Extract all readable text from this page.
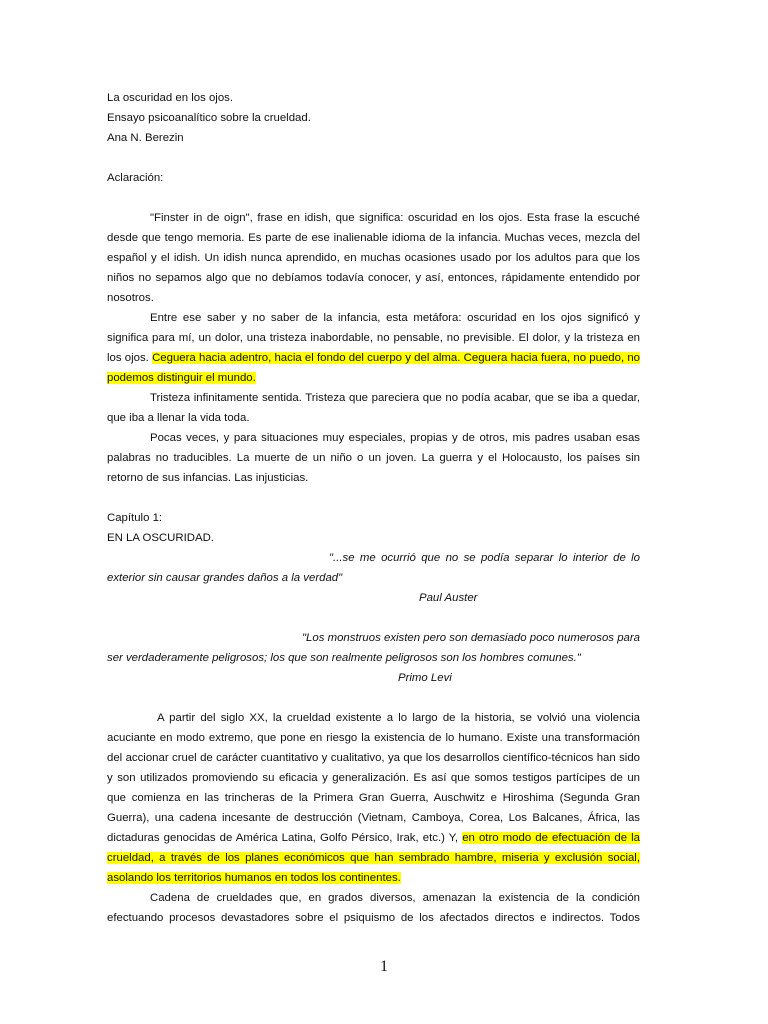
La oscuridad en los ojos.
Ensayo psicoanalítico sobre la crueldad.
Ana N. Berezin
Aclaración:
"Finster in de oign", frase en idish, que significa: oscuridad en los ojos. Esta frase la escuché
desde que tengo memoria. Es parte de ese inalienable idioma de la infancia. Muchas veces, mezcla del
español y el idish. Un idish nunca aprendido, en muchas ocasiones usado por los adultos para que los
niños no sepamos algo que no debíamos todavía conocer, y así, entonces, rápidamente entendido por
nosotros.
Entre ese saber y no saber de la infancia, esta metáfora: oscuridad en los ojos significó y
significa para mí, un dolor, una tristeza inabordable, no pensable, no previsible. El dolor, y la tristeza en
los ojos. Ceguera hacia adentro, hacia el fondo del cuerpo y del alma. Ceguera hacia fuera, no puedo, no
podemos distinguir el mundo.
Tristeza infinitamente sentida. Tristeza que pareciera que no podía acabar, que se iba a quedar,
que iba a llenar la vida toda.
Pocas veces, y para situaciones muy especiales, propias y de otros, mis padres usaban esas
palabras no traducibles. La muerte de un niño o un joven. La guerra y el Holocausto, los países sin
retorno de sus infancias. Las injusticias.
Capítulo 1:
EN LA OSCURIDAD.
"...se me ocurrió que no se podía separar lo interior de lo
exterior sin causar grandes daños a la verdad"
Paul Auster
"Los monstruos existen pero son demasiado poco numerosos para
ser verdaderamente peligrosos; los que son realmente peligrosos son los hombres comunes."
Primo Levi
A partir del siglo XX, la crueldad existente a lo largo de la historia, se volvió una violencia
acuciante en modo extremo, que pone en riesgo la existencia de lo humano. Existe una transformación
del accionar cruel de carácter cuantitativo y cualitativo, ya que los desarrollos científico-técnicos han sido
y son utilizados promoviendo su eficacia y generalización. Es así que somos testigos partícipes de un
que comienza en las trincheras de la Primera Gran Guerra, Auschwitz e Hiroshima (Segunda Gran
Guerra), una cadena incesante de destrucción (Vietnam, Camboya, Corea, Los Balcanes, África, las
dictaduras genocidas de América Latina, Golfo Pérsico, Irak, etc.) Y, en otro modo de efectuación de la
crueldad, a través de los planes económicos que han sembrado hambre, miseria y exclusión social,
asolando los territorios humanos en todos los continentes.
Cadena de crueldades que, en grados diversos, amenazan la existencia de la condición
efectuando procesos devastadores sobre el psiquismo de los afectados directos e indirectos. Todos
1
